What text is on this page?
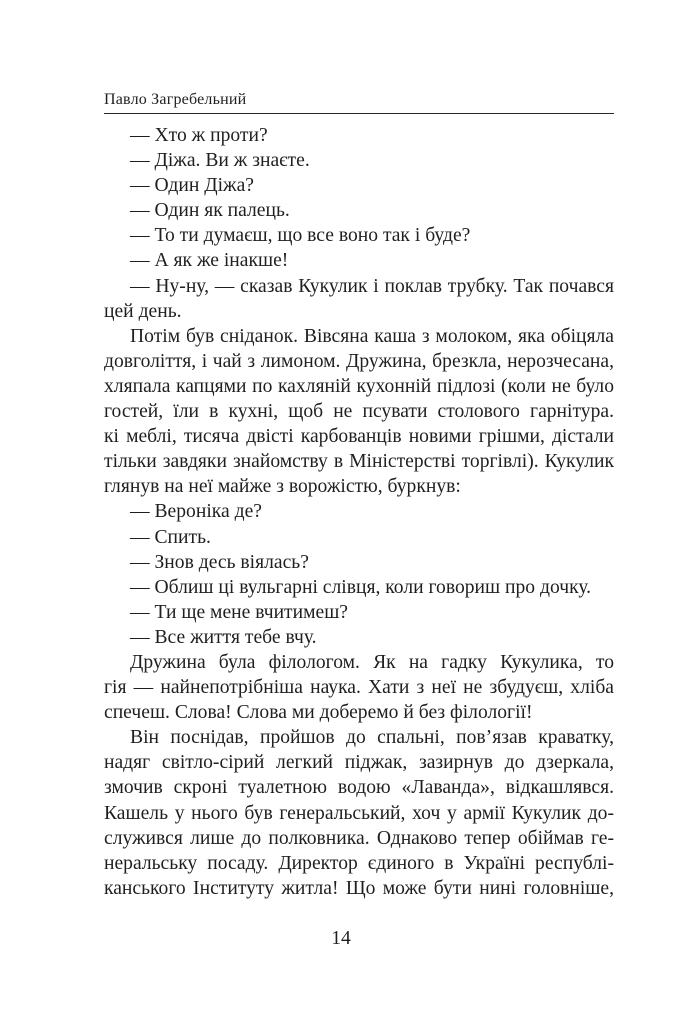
Павло Загребельний
— Хто ж проти?
— Діжа. Ви ж знаєте.
— Один Діжа?
— Один як палець.
— То ти думаєш, що все воно так і буде?
— А як же інакше!
— Ну-ну, — сказав Кукулик і поклав трубку. Так почався
цей день.
Потім був сніданок. Вівсяна каша з молоком, яка обіцяла
довголіття, і чай з лимоном. Дружина, брезкла, нерозчесана,
хляпала капцями по кахляній кухонній підлозі (коли не було
гостей, їли в кухні, щоб не псувати столового гарнітура.
кі меблі, тисяча двісті карбованців новими грішми, дістали
тільки завдяки знайомству в Міністерстві торгівлі). Кукулик
глянув на неї майже з ворожістю, буркнув:
— Вероніка де?
— Спить.
— Знов десь віялась?
— Облиш ці вульгарні слівця, коли говориш про дочку.
— Ти ще мене вчитимеш?
— Все життя тебе вчу.
Дружина була філологом. Як на гадку Кукулика, то
гія — найнепотрібніша наука. Хати з неї не збудуєш, хліба
спечеш. Слова! Слова ми доберемо й без філології!
Він поснідав, пройшов до спальні, пов’язав краватку,
надяг світло-сірий легкий піджак, зазирнув до дзеркала,
змочив скроні туалетною водою «Лаванда», відкашлявся.
Кашель у нього був генеральський, хоч у армії Кукулик до-
служився лише до полковника. Однаково тепер обіймав ге-
неральську посаду. Директор єдиного в Україні республі-
канського Інституту житла! Що може бути нині головніше,
14
